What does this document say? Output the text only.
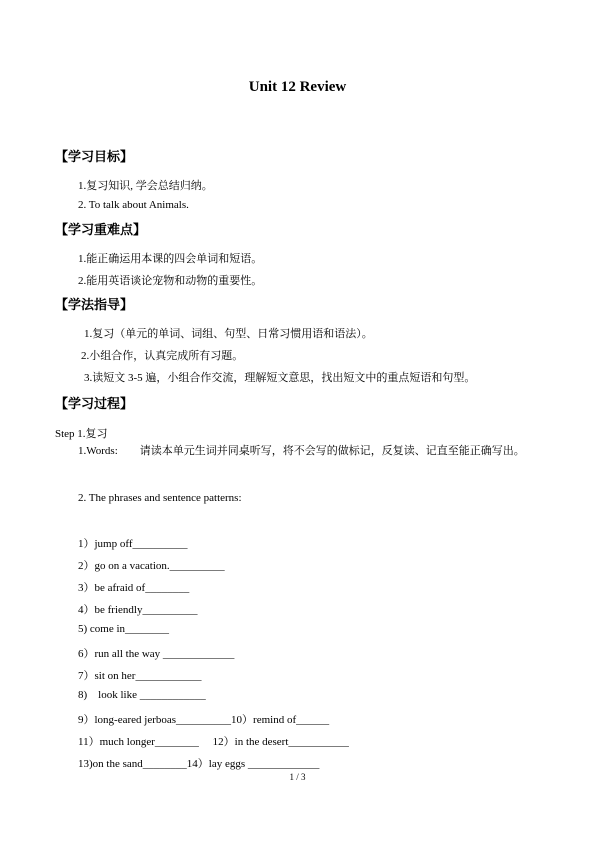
Unit 12 Review
【学习目标】
1.复习知识, 学会总结归纳。
2. To talk about Animals.
【学习重难点】
1.能正确运用本课的四会单词和短语。
2.能用英语谈论宠物和动物的重要性。
【学法指导】
1.复习（单元的单词、词组、句型、日常习惯用语和语法）。
2.小组合作，认真完成所有习题。
3.读短文 3-5 遍，小组合作交流，理解短文意思，找出短文中的重点短语和句型。
【学习过程】
Step 1.复习
1.Words: 请读本单元生词并同桌听写，将不会写的做标记，反复读、记直至能正确写出。
2. The phrases and sentence patterns:
1）jump off__________
2）go on a vacation.__________
3）be afraid of________
4）be friendly__________
5) come in________
6）run all the way _____________
7）sit on her____________
8)    look like ____________
9）long-eared jerboas__________10）remind of______
11）much longer________     12）in the desert___________
13)on the sand________14）lay eggs _____________
1 / 3
